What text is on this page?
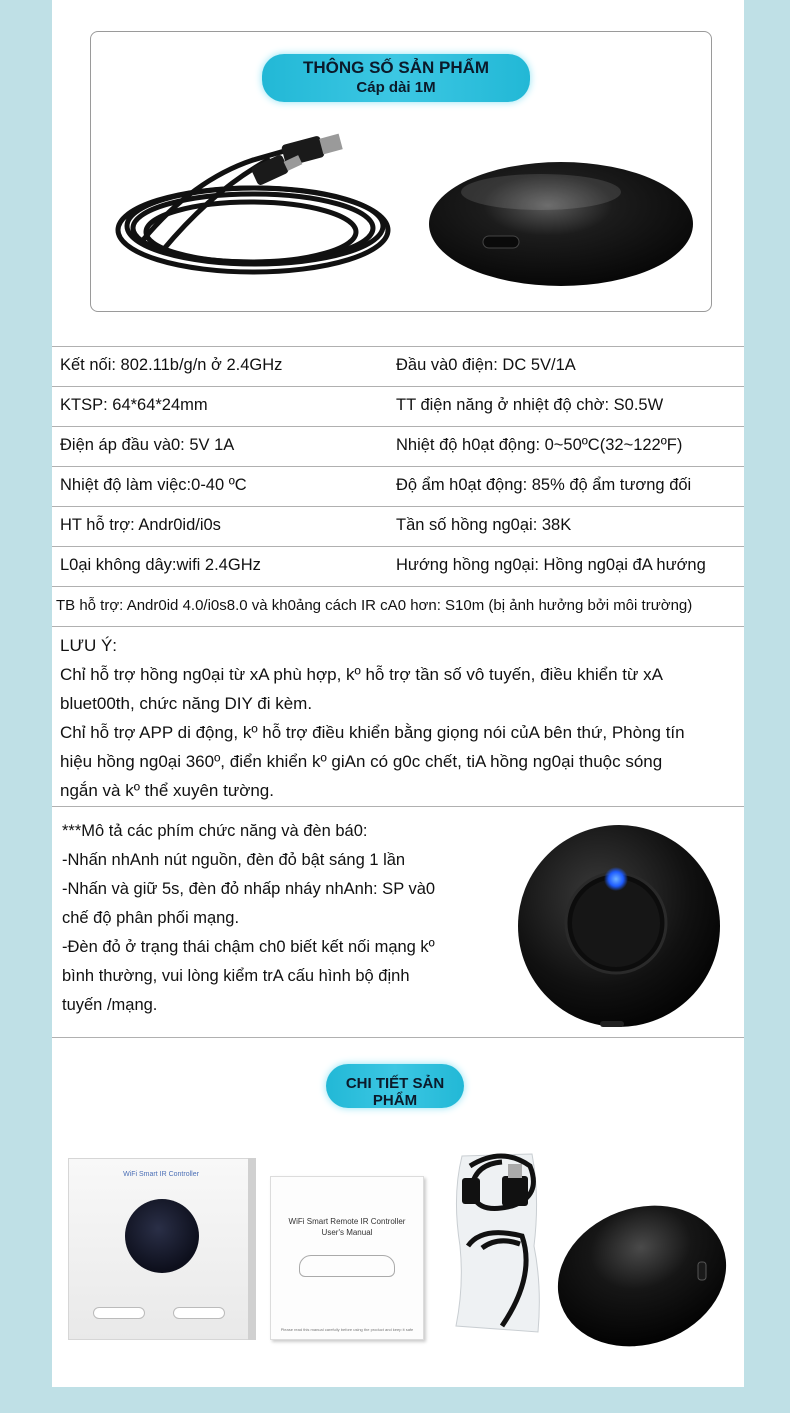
THÔNG SỐ SẢN PHẨM
Cáp dài 1M
Kết nối: 802.11b/g/n ở 2.4GHz	Đầu và0 điện: DC 5V/1A
KTSP: 64*64*24mm	TT điện năng ở nhiệt độ chờ: S0.5W
Điện áp đầu và0: 5V 1A	Nhiệt độ h0ạt động: 0~50ºC(32~122ºF)
Nhiệt độ làm việc:0-40 ºC	Độ ẩm h0ạt động: 85% độ ẩm tương đối
HT hỗ trợ: Andr0id/i0s	Tần số hồng ng0ại: 38K
L0ại không dây:wifi 2.4GHz	Hướng hồng ng0ại: Hồng ng0ại đA hướng
TB hỗ trợ: Andr0id 4.0/i0s8.0 và kh0ảng cách IR cA0 hơn: S10m (bị ảnh hưởng bởi môi trường)

LƯU Ý:

Chỉ hỗ trợ hồng ng0ại từ xA phù hợp, kº hỗ trợ tần số vô tuyến, điều khiển từ xA

bluet00th, chức năng DIY đi kèm.

Chỉ hỗ trợ APP di động, kº hỗ trợ điều khiển bằng giọng nói củA bên thứ, Phòng tín

hiệu hồng ng0ại 360º, điển khiển kº giAn có g0c chết, tiA hồng ng0ại thuộc sóng

ngắn và kº thể xuyên tường.

***Mô tả các phím chức năng và đèn bá0:

-Nhấn nhAnh nút nguồn, đèn đỏ bật sáng 1 lần

-Nhấn và giữ 5s, đèn đỏ nhấp nháy nhAnh: SP và0

chế độ phân phối mạng.

-Đèn đỏ ở trạng thái chậm ch0 biết kết nối mạng kº

bình thường, vui lòng kiểm trA cấu hình bộ định

tuyến /mạng.

CHI TIẾT SẢN PHẨM
WiFi Smart IR Controller
WiFi Smart Remote IR Controller
User's Manual
Please read this manual carefully before using the product and keep it safe
